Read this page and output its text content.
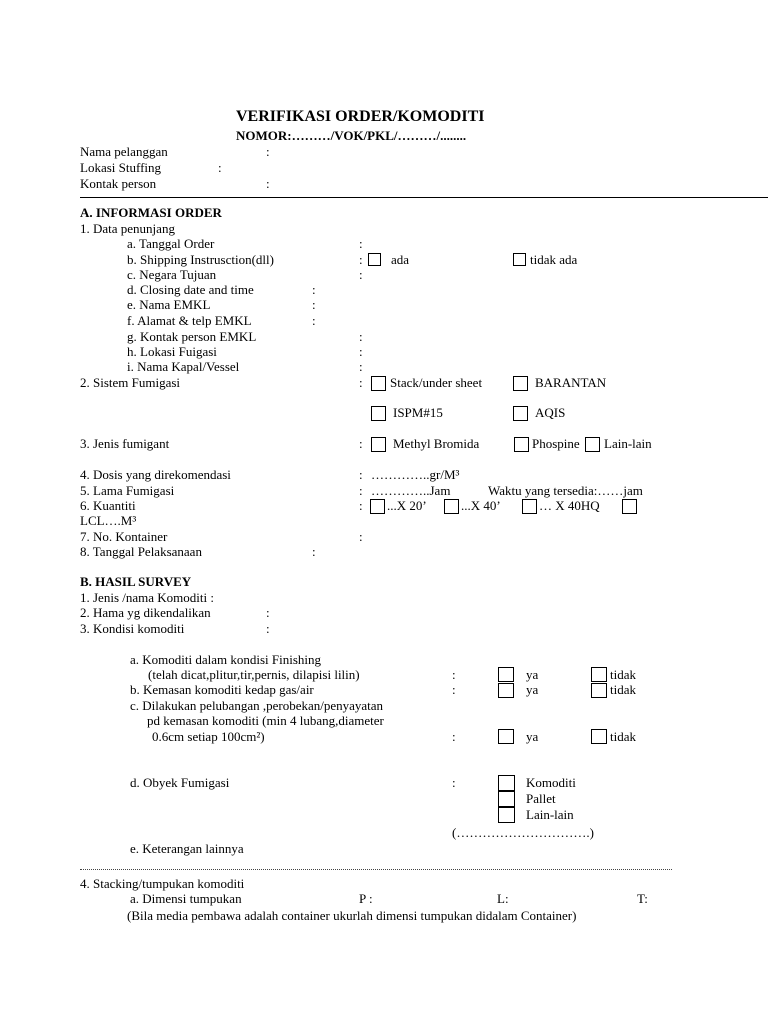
VERIFIKASI ORDER/KOMODITI
NOMOR:………/VOK/PKL/………/........
Nama pelanggan	:
Lokasi Stuffing	:
Kontak person	:
A. INFORMASI ORDER
1. Data penunjang
a. Tanggal Order	:
b. Shipping Instrusction(dll)	: ada	tidak ada
c. Negara Tujuan	:
d. Closing date and time	:
e. Nama EMKL	:
f. Alamat & telp EMKL	:
g. Kontak person EMKL	:
h. Lokasi Fuigasi	:
i. Nama Kapal/Vessel	:
2. Sistem Fumigasi	: Stack/under sheet	BARANTAN
ISPM#15	AQIS
3. Jenis fumigant	: Methyl Bromida	Phospine Lain-lain
4. Dosis yang direkomendasi	: …………..gr/M³
5. Lama Fumigasi	: …………..Jam	Waktu yang tersedia:……jam
6. Kuantiti	: ...X 20’	...X 40’	… X 40HQ
LCL….M³
7. No. Kontainer	:
8. Tanggal Pelaksanaan	:
B. HASIL SURVEY
1. Jenis /nama Komoditi :
2. Hama yg dikendalikan	:
3. Kondisi komoditi	:
a. Komoditi dalam kondisi Finishing
(telah dicat,plitur,tir,pernis, dilapisi lilin)	:	ya	tidak
b. Kemasan komoditi kedap gas/air	:	ya	tidak
c. Dilakukan pelubangan ,perobekan/penyayatan
pd kemasan komoditi (min 4 lubang,diameter
0.6cm setiap 100cm²)	:	ya	tidak
d. Obyek Fumigasi	:	Komoditi
Pallet
Lain-lain
(………………………….)
e. Keterangan lainnya
4. Stacking/tumpukan komoditi
a. Dimensi tumpukan	P :	L:	T:
(Bila media pembawa adalah container ukurlah dimensi tumpukan didalam Container)
